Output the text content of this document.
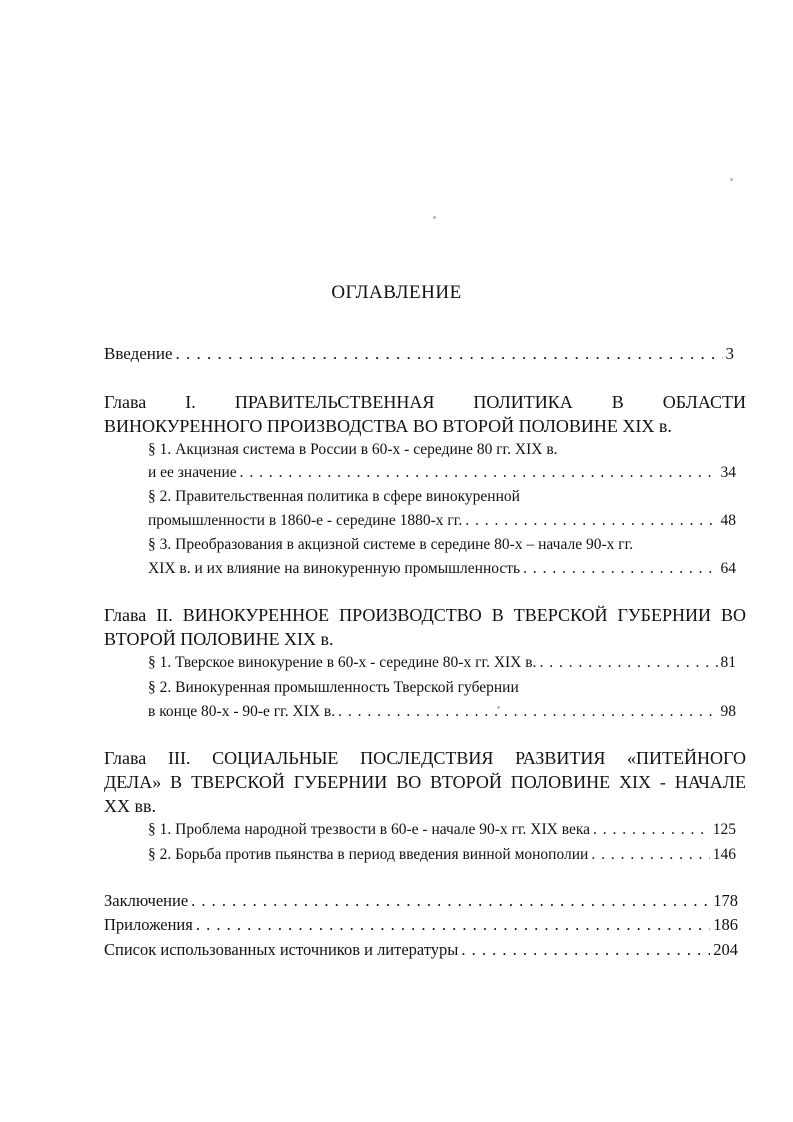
ОГЛАВЛЕНИЕ
Введение . . .	3
Глава I. ПРАВИТЕЛЬСТВЕННАЯ ПОЛИТИКА В ОБЛАСТИ
ВИНОКУРЕННОГО ПРОИЗВОДСТВА ВО ВТОРОЙ ПОЛОВИНЕ XIX в.
§ 1. Акцизная система в России в 60-х - середине 80 гг. XIX в.
и ее значение . . .	34
§ 2. Правительственная политика в сфере винокуренной
промышленности в 1860-е - середине 1880-х гг. . . .	48
§ 3. Преобразования в акцизной системе в середине 80-х – начале 90-х гг.
XIX в. и их влияние на винокуренную промышленность . . .	64
Глава II. ВИНОКУРЕННОЕ ПРОИЗВОДСТВО В ТВЕРСКОЙ ГУБЕРНИИ ВО
ВТОРОЙ ПОЛОВИНЕ XIX в.
§ 1. Тверское винокурение в 60-х - середине 80-х гг. XIX в. . . .	81
§ 2. Винокуренная промышленность Тверской губернии
в конце 80-х - 90-е гг. XIX в. . . .	98
Глава III. СОЦИАЛЬНЫЕ ПОСЛЕДСТВИЯ РАЗВИТИЯ «ПИТЕЙНОГО
ДЕЛА» В ТВЕРСКОЙ ГУБЕРНИИ ВО ВТОРОЙ ПОЛОВИНЕ XIX - НАЧАЛЕ
XX вв.
§ 1. Проблема народной трезвости в 60-е - начале 90-х гг. XIX века . . .	125
§ 2. Борьба против пьянства в период введения винной монополии . . .	146
Заключение . . .	178
Приложения . . .	186
Список использованных источников и литературы . . .	204
